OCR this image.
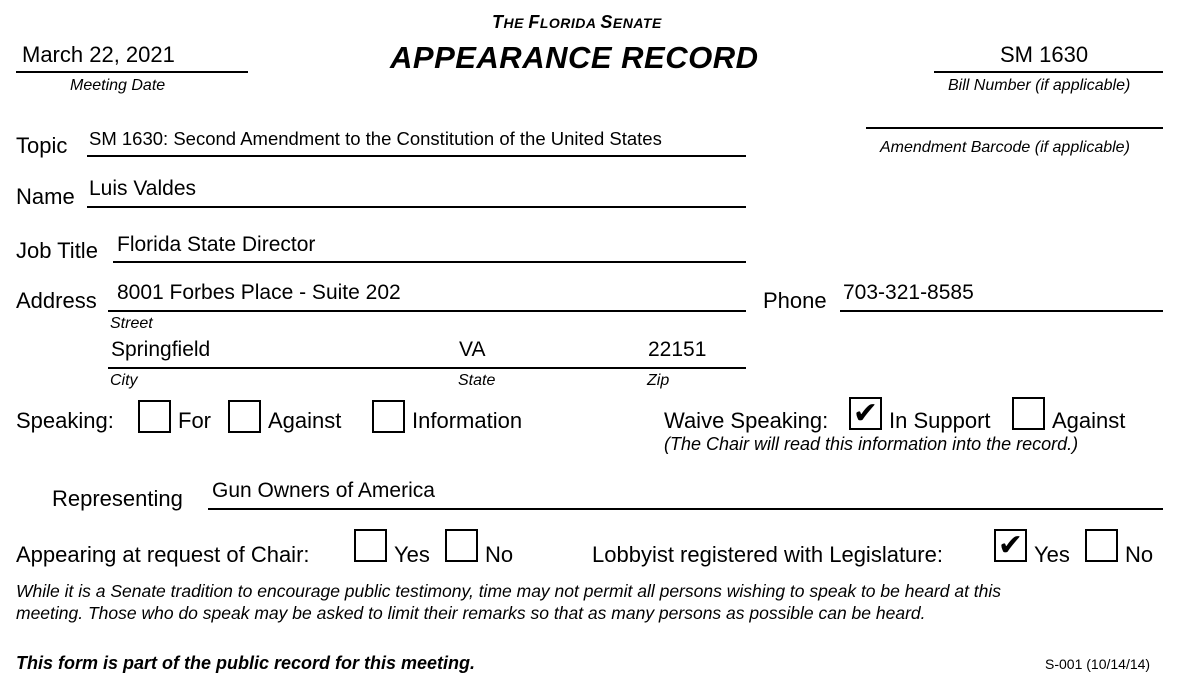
THE FLORIDA SENATE
APPEARANCE RECORD
March 22, 2021
Meeting Date
SM 1630
Bill Number (if applicable)
Amendment Barcode (if applicable)
Topic SM 1630: Second Amendment to the Constitution of the United States
Name Luis Valdes
Job Title Florida State Director
Address 8001 Forbes Place - Suite 202
Street
Springfield	VA	22151
City	State	Zip
Phone 703-321-8585
Speaking:	For	Against	Information	Waive Speaking: ✔ In Support	Against
(The Chair will read this information into the record.)
Representing Gun Owners of America
Appearing at request of Chair:	Yes	No	Lobbyist registered with Legislature: ✔ Yes	No
While it is a Senate tradition to encourage public testimony, time may not permit all persons wishing to speak to be heard at this
meeting. Those who do speak may be asked to limit their remarks so that as many persons as possible can be heard.
This form is part of the public record for this meeting.	S-001 (10/14/14)
